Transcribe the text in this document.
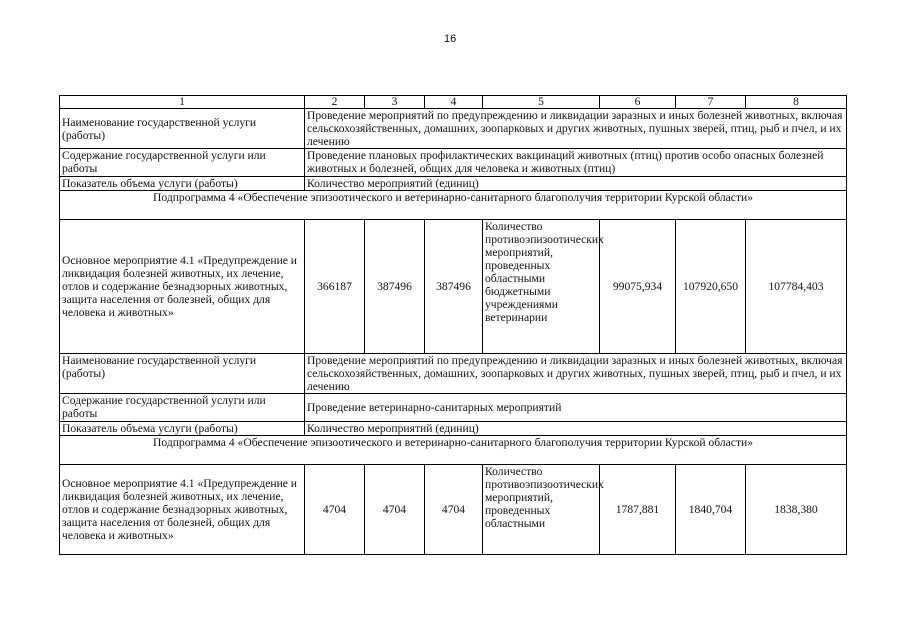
16
1	2	3	4	5	6	7	8
Наименование государственной услуги (работы)	Проведение мероприятий по предупреждению и ликвидации заразных и иных болезней животных, включая сельскохозяйственных, домашних, зоопарковых и других животных, пушных зверей, птиц, рыб и пчел, и их лечению						
Содержание государственной услуги или работы	Проведение плановых профилактических вакцинаций животных (птиц) против особо опасных болезней животных и болезней, общих для человека и животных (птиц)						
Показатель объема услуги (работы)	Количество мероприятий (единиц)						
Подпрограмма 4 «Обеспечение эпизоотического и ветеринарно-санитарного благополучия территории Курской области»							
Основное мероприятие 4.1 «Предупреждение и ликвидация болезней животных, их лечение, отлов и содержание безнадзорных животных, защита населения от болезней, общих для человека и животных»	366187	387496	387496	Количество противоэпизоотических мероприятий, проведенных областными бюджетными учреждениями ветеринарии	99075,934	107920,650	107784,403
Наименование государственной услуги (работы)	Проведение мероприятий по предупреждению и ликвидации заразных и иных болезней животных, включая сельскохозяйственных, домашних, зоопарковых и других животных, пушных зверей, птиц, рыб и пчел, и их лечению						
Содержание государственной услуги или работы	Проведение ветеринарно-санитарных мероприятий						
Показатель объема услуги (работы)	Количество мероприятий (единиц)						
Подпрограмма 4 «Обеспечение эпизоотического и ветеринарно-санитарного благополучия территории Курской области»							
Основное мероприятие 4.1 «Предупреждение и ликвидация болезней животных, их лечение, отлов и содержание безнадзорных животных, защита населения от болезней, общих для человека и животных»	4704	4704	4704	Количество противоэпизоотических мероприятий, проведенных областными	1787,881	1840,704	1838,380
